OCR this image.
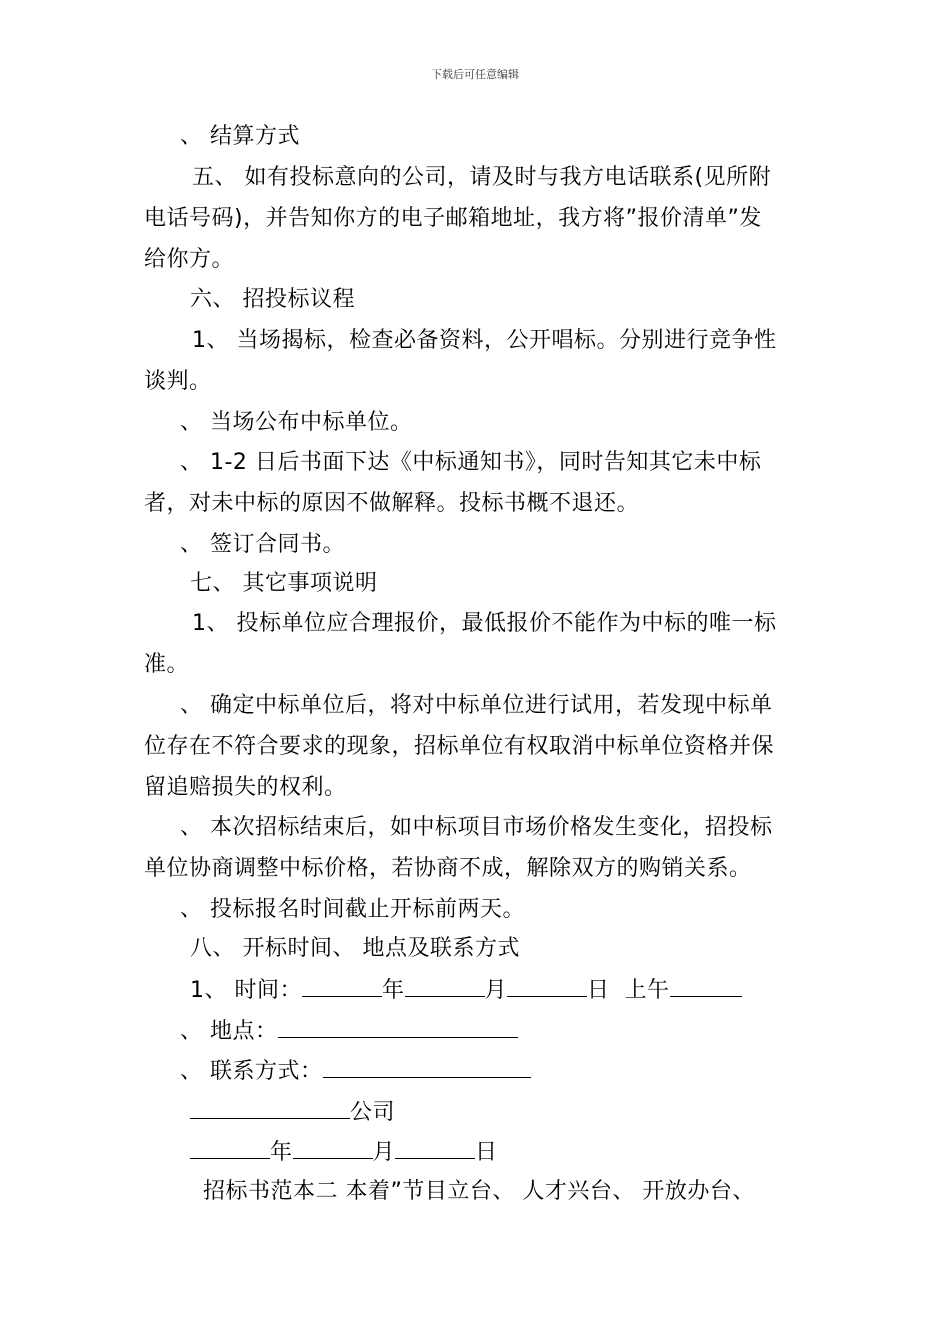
下载后可任意编辑
、 结算方式
五、 如有投标意向的公司，请及时与我方电话联系(见所附
电话号码)，并告知你方的电子邮箱地址，我方将”报价清单”发
给你方。
六、 招投标议程
1、 当场揭标，检查必备资料，公开唱标。分别进行竞争性
谈判。
、 当场公布中标单位。
、 1-2 日后书面下达《中标通知书》，同时告知其它未中标
者，对未中标的原因不做解释。投标书概不退还。
、 签订合同书。
七、 其它事项说明
1、 投标单位应合理报价，最低报价不能作为中标的唯一标
准。
、 确定中标单位后，将对中标单位进行试用，若发现中标单
位存在不符合要求的现象，招标单位有权取消中标单位资格并保
留追赔损失的权利。
、 本次招标结束后，如中标项目市场价格发生变化，招投标
单位协商调整中标价格，若协商不成，解除双方的购销关系。
、 投标报名时间截止开标前两天。
八、 开标时间、 地点及联系方式
1、 时间：	年	月	日 上午
、 地点：
、 联系方式：
公司
年	月	日
招标书范本二 本着”节目立台、 人才兴台、 开放办台、
